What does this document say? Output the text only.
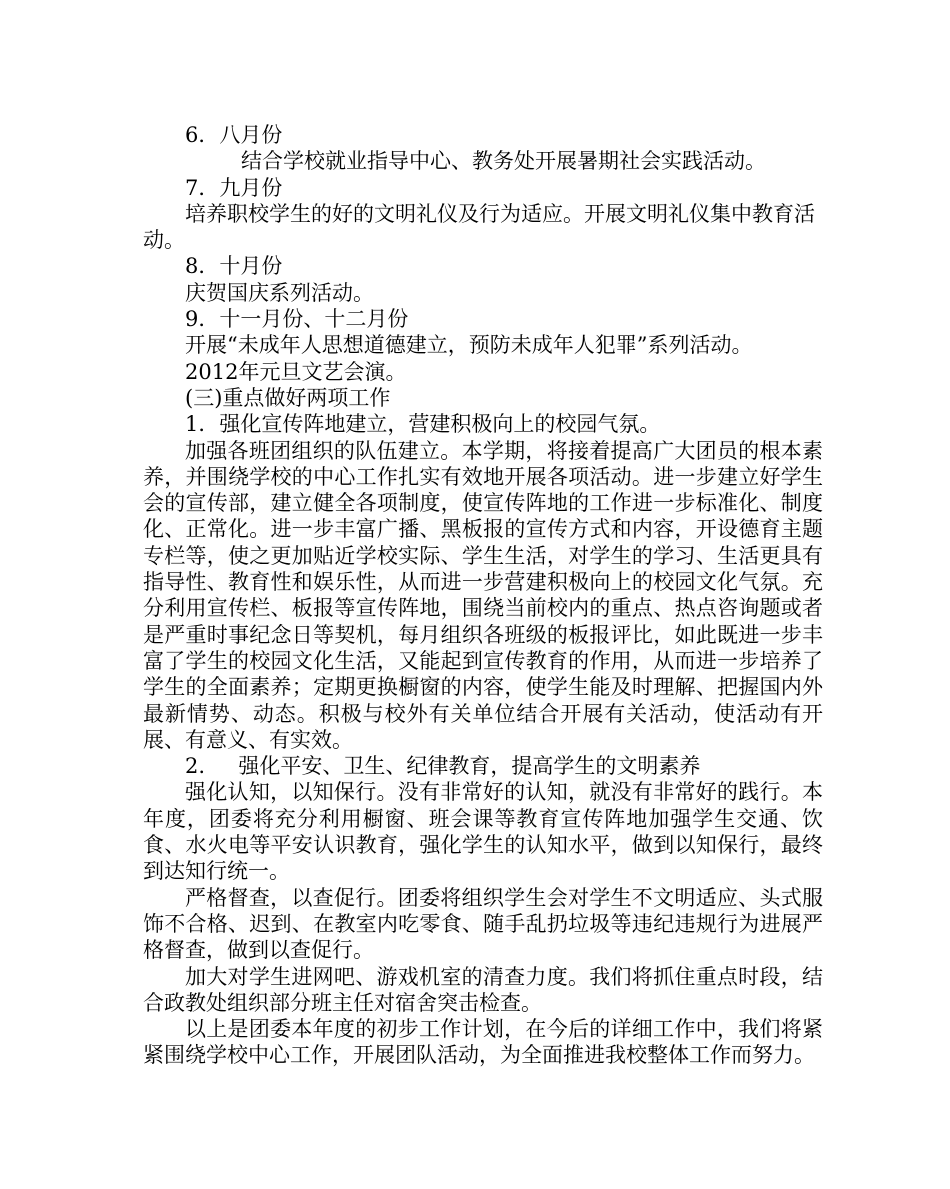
6．八月份

结合学校就业指导中心、教务处开展暑期社会实践活动。

7．九月份

培养职校学生的好的文明礼仪及行为适应。开展文明礼仪集中教育活动。

8．十月份

庆贺国庆系列活动。

9．十一月份、十二月份

开展“未成年人思想道德建立，预防未成年人犯罪”系列活动。

2012年元旦文艺会演。

(三)重点做好两项工作

1．强化宣传阵地建立，营建积极向上的校园气氛。

加强各班团组织的队伍建立。本学期，将接着提高广大团员的根本素养，并围绕学校的中心工作扎实有效地开展各项活动。进一步建立好学生会的宣传部，建立健全各项制度，使宣传阵地的工作进一步标准化、制度化、正常化。进一步丰富广播、黑板报的宣传方式和内容，开设德育主题专栏等，使之更加贴近学校实际、学生生活，对学生的学习、生活更具有指导性、教育性和娱乐性，从而进一步营建积极向上的校园文化气氛。充分利用宣传栏、板报等宣传阵地，围绕当前校内的重点、热点咨询题或者是严重时事纪念日等契机，每月组织各班级的板报评比，如此既进一步丰富了学生的校园文化生活，又能起到宣传教育的作用，从而进一步培养了学生的全面素养；定期更换橱窗的内容，使学生能及时理解、把握国内外最新情势、动态。积极与校外有关单位结合开展有关活动，使活动有开展、有意义、有实效。

2.     强化平安、卫生、纪律教育，提高学生的文明素养

强化认知，以知保行。没有非常好的认知，就没有非常好的践行。本年度，团委将充分利用橱窗、班会课等教育宣传阵地加强学生交通、饮食、水火电等平安认识教育，强化学生的认知水平，做到以知保行，最终到达知行统一。

严格督查，以查促行。团委将组织学生会对学生不文明适应、头式服饰不合格、迟到、在教室内吃零食、随手乱扔垃圾等违纪违规行为进展严格督查，做到以查促行。

加大对学生进网吧、游戏机室的清查力度。我们将抓住重点时段，结合政教处组织部分班主任对宿舍突击检查。

以上是团委本年度的初步工作计划，在今后的详细工作中，我们将紧紧围绕学校中心工作，开展团队活动，为全面推进我校整体工作而努力。
